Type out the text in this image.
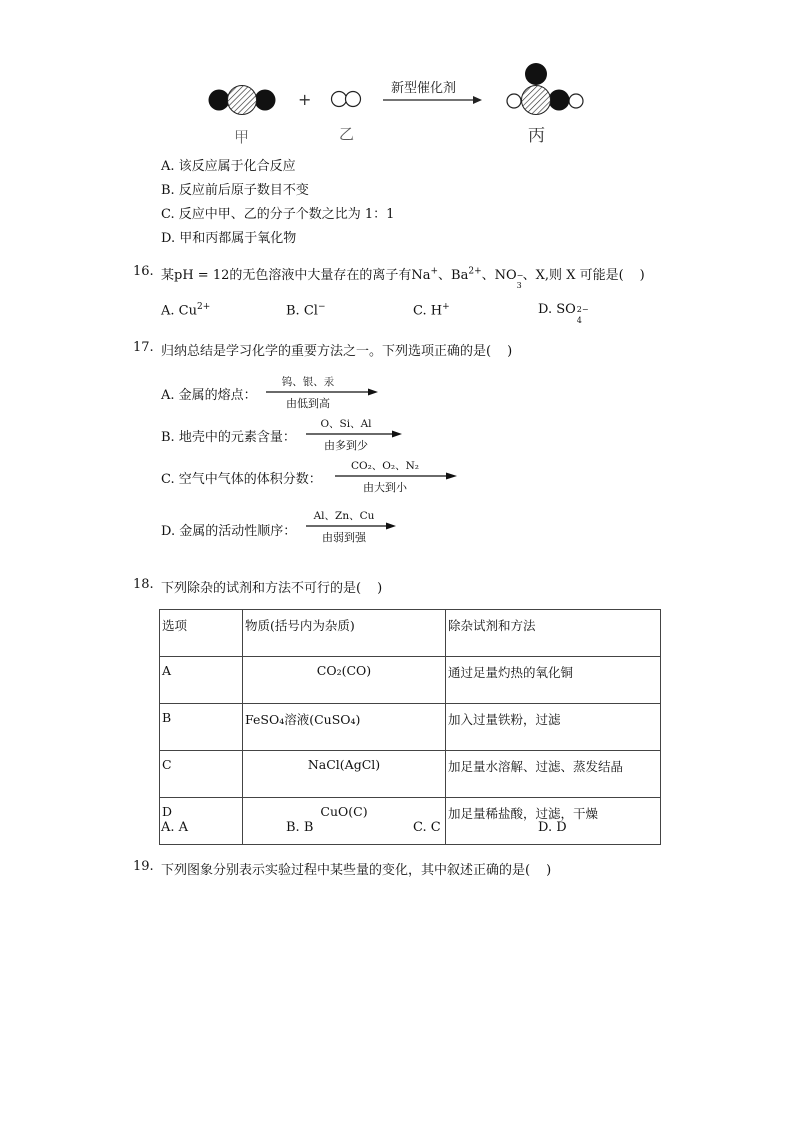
+
新型催化剂
甲	乙	丙
A. 该反应属于化合反应
B. 反应前后原子数目不变
C. 反应中甲、乙的分子个数之比为 1：1
D. 甲和丙都属于氧化物
16. 某pH = 12的无色溶液中大量存在的离子有Na+、$Ba^{2+}$、NO −
3
、X,则 X 可能是( )
A. $Cu^{2+}$	B. Cl−	C. H+	D. SO 2−
4
17. 归纳总结是学习化学的重要方法之一。下列选项正确的是( )
A. 金属的熔点：
钨、银、汞
由低到高
B. 地壳中的元素含量：
O、Si、Al
由多到少
C. 空气中气体的体积分数：
CO₂、O₂、N₂
由大到小
D. 金属的活动性顺序：
Al、Zn、Cu
由弱到强
18. 下列除杂的试剂和方法不可行的是( )
选项	物质(括号内为杂质)	除杂试剂和方法
A	CO₂(CO)	通过足量灼热的氧化铜
B	FeSO₄溶液(CuSO₄)	加入过量铁粉，过滤
C	NaCl(AgCl)	加足量水溶解、过滤、蒸发结晶
D	CuO(C)	加足量稀盐酸，过滤，干燥
A. A	B. B	C. C	D. D
19. 下列图象分别表示实验过程中某些量的变化，其中叙述正确的是( )
